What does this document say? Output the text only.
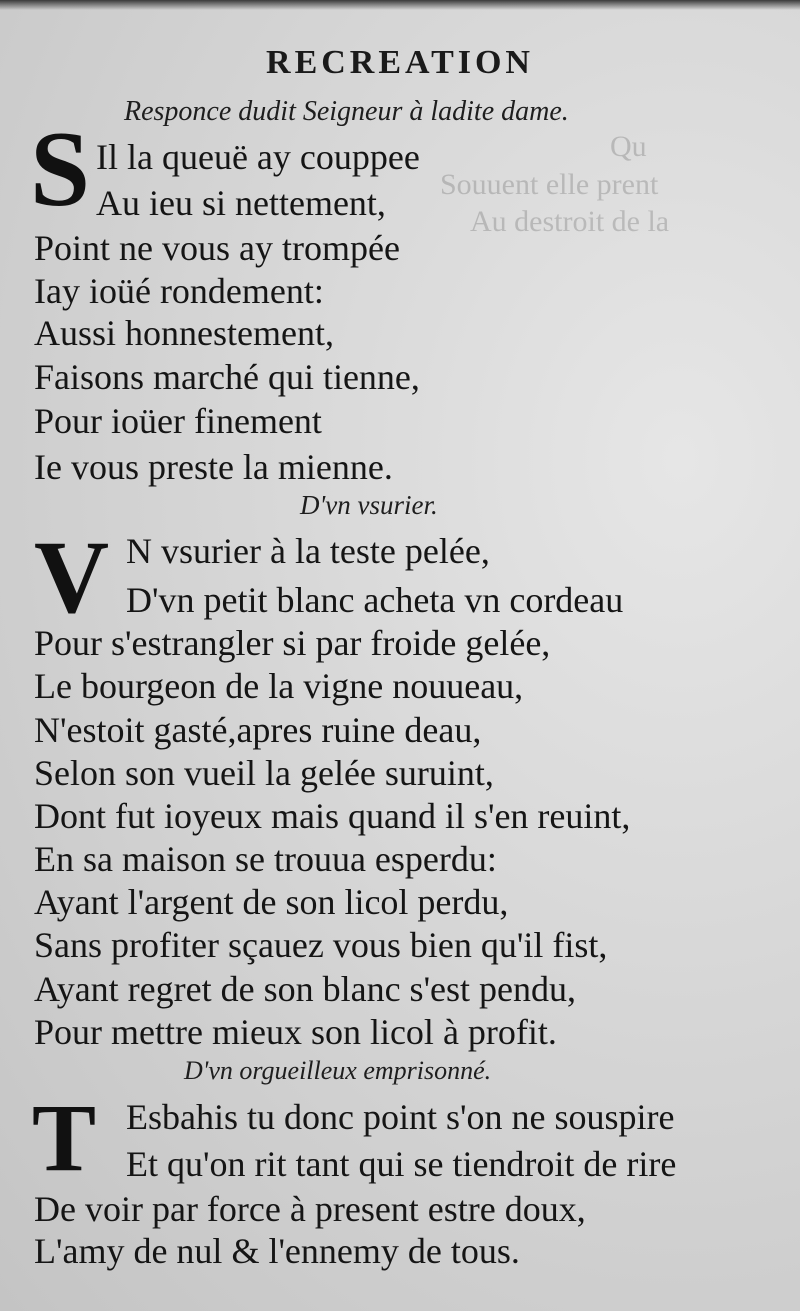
Qu
Souuent elle prent
Au destroit de la
RECREATION
Responce dudit Seigneur à ladite dame.
S Il la queuë ay couppee
Au ieu si nettement,
Point ne vous ay trompée
Iay ioüé rondement:
Aussi honnestement,
Faisons marché qui tienne,
Pour ioüer finement
Ie vous preste la mienne.
D'vn vsurier.
V N vsurier à la teste pelée,
D'vn petit blanc acheta vn cordeau
Pour s'estrangler si par froide gelée,
Le bourgeon de la vigne nouueau,
N'estoit gasté,apres ruine deau,
Selon son vueil la gelée suruint,
Dont fut ioyeux mais quand il s'en reuint,
En sa maison se trouua esperdu:
Ayant l'argent de son licol perdu,
Sans profiter sçauez vous bien qu'il fist,
Ayant regret de son blanc s'est pendu,
Pour mettre mieux son licol à profit.
D'vn orgueilleux emprisonné.
T Esbahis tu donc point s'on ne souspire
Et qu'on rit tant qui se tiendroit de rire
De voir par force à present estre doux,
L'amy de nul & l'ennemy de tous.
